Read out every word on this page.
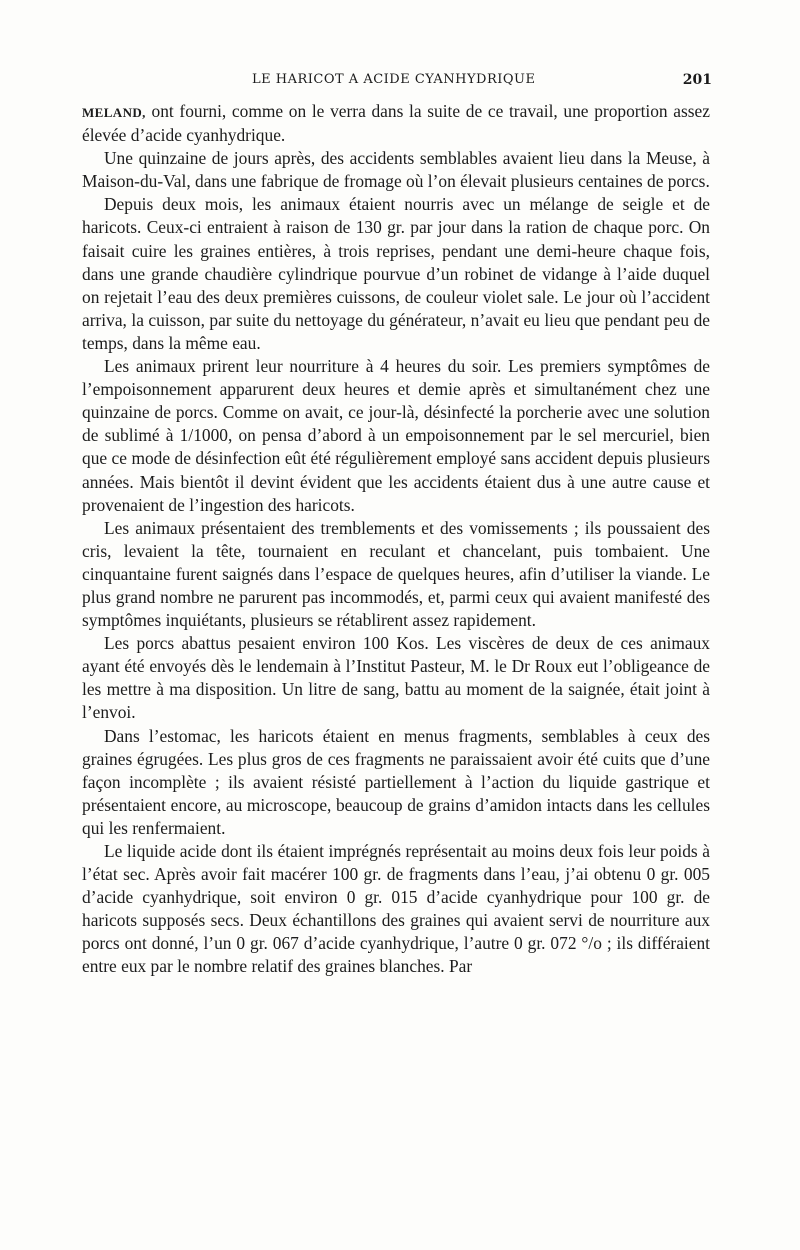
LE HARICOT A ACIDE CYANHYDRIQUE	201

MELAND, ont fourni, comme on le verra dans la suite de ce travail, une proportion assez élevée d’acide cyanhydrique.

Une quinzaine de jours après, des accidents semblables avaient lieu dans la Meuse, à Maison-du-Val, dans une fabrique de fromage où l’on élevait plusieurs centaines de porcs.

Depuis deux mois, les animaux étaient nourris avec un mélange de seigle et de haricots. Ceux-ci entraient à raison de 130 gr. par jour dans la ration de chaque porc. On faisait cuire les graines entières, à trois reprises, pendant une demi-heure chaque fois, dans une grande chaudière cylindrique pourvue d’un robinet de vidange à l’aide duquel on rejetait l’eau des deux premières cuissons, de couleur violet sale. Le jour où l’accident arriva, la cuisson, par suite du nettoyage du générateur, n’avait eu lieu que pendant peu de temps, dans la même eau.

Les animaux prirent leur nourriture à 4 heures du soir. Les premiers symptômes de l’empoisonnement apparurent deux heures et demie après et simultanément chez une quinzaine de porcs. Comme on avait, ce jour-là, désinfecté la porcherie avec une solution de sublimé à 1/1000, on pensa d’abord à un empoisonnement par le sel mercuriel, bien que ce mode de désinfection eût été régulièrement employé sans accident depuis plusieurs années. Mais bientôt il devint évident que les accidents étaient dus à une autre cause et provenaient de l’ingestion des haricots.

Les animaux présentaient des tremblements et des vomissements ; ils poussaient des cris, levaient la tête, tournaient en reculant et chancelant, puis tombaient. Une cinquantaine furent saignés dans l’espace de quelques heures, afin d’utiliser la viande. Le plus grand nombre ne parurent pas incommodés, et, parmi ceux qui avaient manifesté des symptômes inquiétants, plusieurs se rétablirent assez rapidement.

Les porcs abattus pesaient environ 100 Kos. Les viscères de deux de ces animaux ayant été envoyés dès le lendemain à l’Institut Pasteur, M. le Dr Roux eut l’obligeance de les mettre à ma disposition. Un litre de sang, battu au moment de la saignée, était joint à l’envoi.

Dans l’estomac, les haricots étaient en menus fragments, semblables à ceux des graines égrugées. Les plus gros de ces fragments ne paraissaient avoir été cuits que d’une façon incomplète ; ils avaient résisté partiellement à l’action du liquide gastrique et présentaient encore, au microscope, beaucoup de grains d’amidon intacts dans les cellules qui les renfermaient.

Le liquide acide dont ils étaient imprégnés représentait au moins deux fois leur poids à l’état sec. Après avoir fait macérer 100 gr. de fragments dans l’eau, j’ai obtenu 0 gr. 005 d’acide cyanhydrique, soit environ 0 gr. 015 d’acide cyanhydrique pour 100 gr. de haricots supposés secs. Deux échantillons des graines qui avaient servi de nourriture aux porcs ont donné, l’un 0 gr. 067 d’acide cyanhydrique, l’autre 0 gr. 072 °/o ; ils différaient entre eux par le nombre relatif des graines blanches. Par
